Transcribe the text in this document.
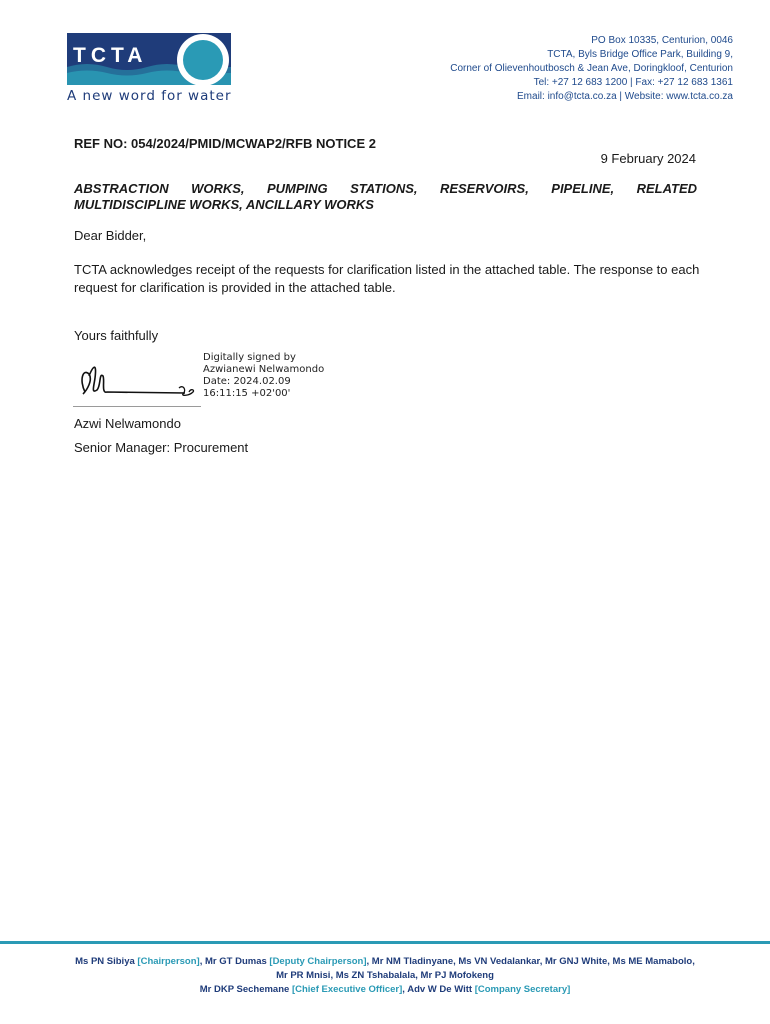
TCTA
A new word for water
PO Box 10335, Centurion, 0046
TCTA, Byls Bridge Office Park, Building 9,
Corner of Olievenhoutbosch & Jean Ave, Doringkloof, Centurion
Tel: +27 12 683 1200 | Fax: +27 12 683 1361
Email: info@tcta.co.za | Website: www.tcta.co.za
REF NO: 054/2024/PMID/MCWAP2/RFB NOTICE 2
9 February 2024
ABSTRACTION WORKS, PUMPING STATIONS, RESERVOIRS, PIPELINE, RELATED
MULTIDISCIPLINE WORKS, ANCILLARY WORKS
Dear Bidder,
TCTA acknowledges receipt of the requests for clarification listed in the attached table. The response to each request for clarification is provided in the attached table.
Yours faithfully
Digitally signed by
Azwianewi Nelwamondo
Date: 2024.02.09
16:11:15 +02'00'
Azwi Nelwamondo
Senior Manager: Procurement
Ms PN Sibiya [Chairperson], Mr GT Dumas [Deputy Chairperson], Mr NM Tladinyane, Ms VN Vedalankar, Mr GNJ White, Ms ME Mamabolo,
Mr PR Mnisi, Ms ZN Tshabalala, Mr PJ Mofokeng
Mr DKP Sechemane [Chief Executive Officer], Adv W De Witt [Company Secretary]
